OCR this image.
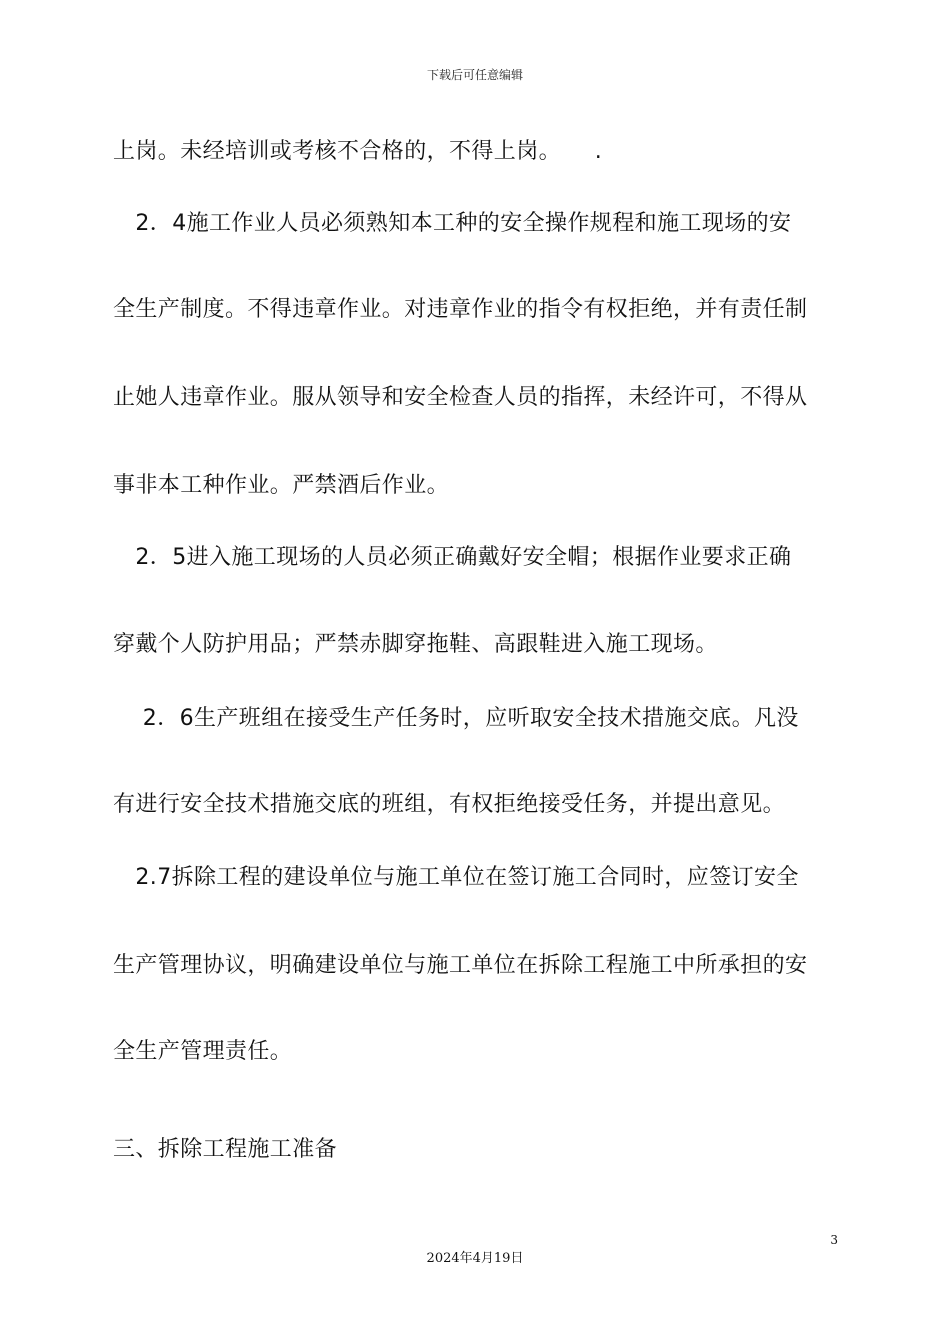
下载后可任意编辑
上岗。未经培训或考核不合格的，不得上岗。　　.
　2．4施工作业人员必须熟知本工种的安全操作规程和施工现场的安
全生产制度。不得违章作业。对违章作业的指令有权拒绝，并有责任制
止她人违章作业。服从领导和安全检查人员的指挥，未经许可，不得从
事非本工种作业。严禁酒后作业。
　2．5进入施工现场的人员必须正确戴好安全帽；根据作业要求正确
穿戴个人防护用品；严禁赤脚穿拖鞋、高跟鞋进入施工现场。
　 2．6生产班组在接受生产任务时，应听取安全技术措施交底。凡没
有进行安全技术措施交底的班组，有权拒绝接受任务，并提出意见。
　2.7拆除工程的建设单位与施工单位在签订施工合同时，应签订安全
生产管理协议，明确建设单位与施工单位在拆除工程施工中所承担的安
全生产管理责任。
三、拆除工程施工准备
3
2024年4月19日
